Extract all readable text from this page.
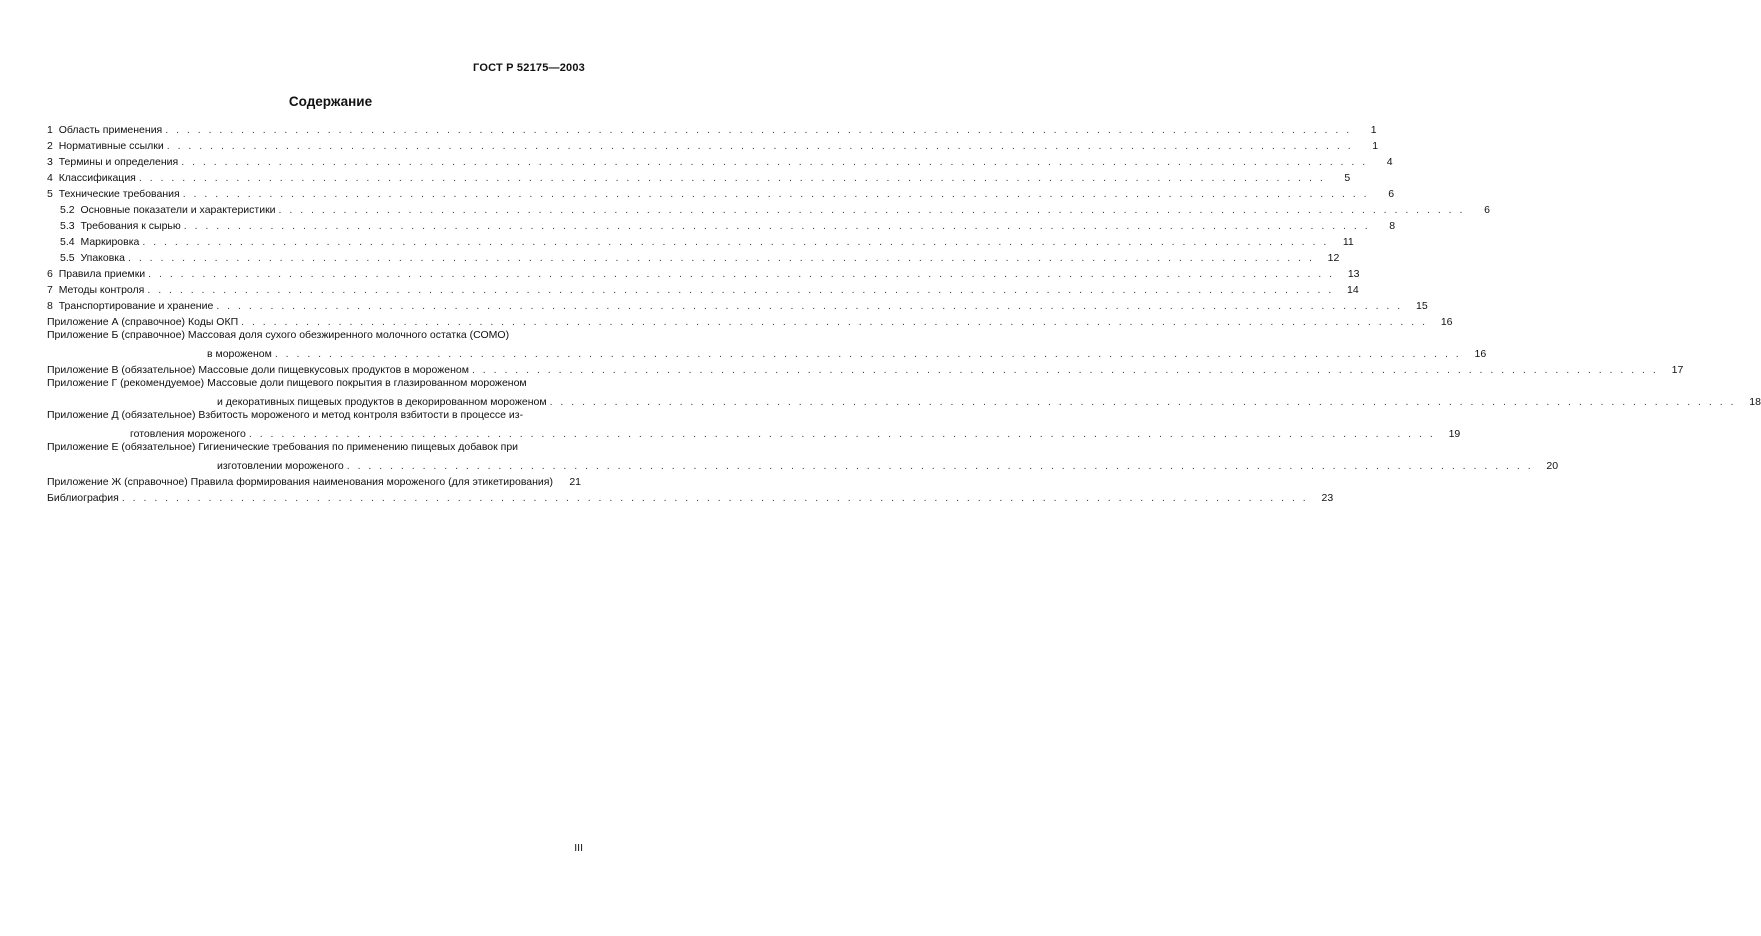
ГОСТ Р 52175—2003
Содержание
1 Область применения . . . . . . . . . . . . . . . . . . . . . . . . . . . . . . . . . . . . . . . . . . . . . . . . . . . . . . . . . . . . . . . . . . . . . . . . . . . . . . . . . . . . . . . . . . . . . . . . . . . . . . . . . . . . . .	1
2 Нормативные ссылки . . . . . . . . . . . . . . . . . . . . . . . . . . . . . . . . . . . . . . . . . . . . . . . . . . . . . . . . . . . . . . . . . . . . . . . . . . . . . . . . . . . . . . . . . . . . . . . . . . . . . . . . . . . . . .	1
3 Термины и определения . . . . . . . . . . . . . . . . . . . . . . . . . . . . . . . . . . . . . . . . . . . . . . . . . . . . . . . . . . . . . . . . . . . . . . . . . . . . . . . . . . . . . . . . . . . . . . . . . . . . . . . . . . . . . .	4
4 Классификация . . . . . . . . . . . . . . . . . . . . . . . . . . . . . . . . . . . . . . . . . . . . . . . . . . . . . . . . . . . . . . . . . . . . . . . . . . . . . . . . . . . . . . . . . . . . . . . . . . . . . . . . . . . . . .	5
5 Технические требования . . . . . . . . . . . . . . . . . . . . . . . . . . . . . . . . . . . . . . . . . . . . . . . . . . . . . . . . . . . . . . . . . . . . . . . . . . . . . . . . . . . . . . . . . . . . . . . . . . . . . . . . . . . . . .	6
5.2 Основные показатели и характеристики . . . . . . . . . . . . . . . . . . . . . . . . . . . . . . . . . . . . . . . . . . . . . . . . . . . . . . . . . . . . . . . . . . . . . . . . . . . . . . . . . . . . . . . . . . . . . . . . . . . . . . . . . . . . . .	6
5.3 Требования к сырью . . . . . . . . . . . . . . . . . . . . . . . . . . . . . . . . . . . . . . . . . . . . . . . . . . . . . . . . . . . . . . . . . . . . . . . . . . . . . . . . . . . . . . . . . . . . . . . . . . . . . . . . . . . . . .	8
5.4 Маркировка . . . . . . . . . . . . . . . . . . . . . . . . . . . . . . . . . . . . . . . . . . . . . . . . . . . . . . . . . . . . . . . . . . . . . . . . . . . . . . . . . . . . . . . . . . . . . . . . . . . . . . . . . . . . . .	11
5.5 Упаковка . . . . . . . . . . . . . . . . . . . . . . . . . . . . . . . . . . . . . . . . . . . . . . . . . . . . . . . . . . . . . . . . . . . . . . . . . . . . . . . . . . . . . . . . . . . . . . . . . . . . . . . . . . . . . .	12
6 Правила приемки . . . . . . . . . . . . . . . . . . . . . . . . . . . . . . . . . . . . . . . . . . . . . . . . . . . . . . . . . . . . . . . . . . . . . . . . . . . . . . . . . . . . . . . . . . . . . . . . . . . . . . . . . . . . . .	13
7 Методы контроля . . . . . . . . . . . . . . . . . . . . . . . . . . . . . . . . . . . . . . . . . . . . . . . . . . . . . . . . . . . . . . . . . . . . . . . . . . . . . . . . . . . . . . . . . . . . . . . . . . . . . . . . . . . . . .	14
8 Транспортирование и хранение . . . . . . . . . . . . . . . . . . . . . . . . . . . . . . . . . . . . . . . . . . . . . . . . . . . . . . . . . . . . . . . . . . . . . . . . . . . . . . . . . . . . . . . . . . . . . . . . . . . . . . . . . . . . . .	15
Приложение А (справочное) Коды ОКП . . . . . . . . . . . . . . . . . . . . . . . . . . . . . . . . . . . . . . . . . . . . . . . . . . . . . . . . . . . . . . . . . . . . . . . . . . . . . . . . . . . . . . . . . . . . . . . . . . . . . . . . . . . . . .	16
Приложение Б (справочное) Массовая доля сухого обезжиренного молочного остатка (СОМО)
в мороженом . . . . . . . . . . . . . . . . . . . . . . . . . . . . . . . . . . . . . . . . . . . . . . . . . . . . . . . . . . . . . . . . . . . . . . . . . . . . . . . . . . . . . . . . . . . . . . . . . . . . . . . . . . . . . .	16
Приложение В (обязательное) Массовые доли пищевкусовых продуктов в мороженом . . . . . . . . . . . . . . . . . . . . . . . . . . . . . . . . . . . . . . . . . . . . . . . . . . . . . . . . . . . . . . . . . . . . . . . . . . . . . . . . . . . . . . . . . . . . . . . . . . . . . . . . . . . . . .	17
Приложение Г (рекомендуемое) Массовые доли пищевого покрытия в глазированном мороженом
и декоративных пищевых продуктов в декорированном мороженом . . . . . . . . . . . . . . . . . . . . . . . . . . . . . . . . . . . . . . . . . . . . . . . . . . . . . . . . . . . . . . . . . . . . . . . . . . . . . . . . . . . . . . . . . . . . . . . . . . . . . . . . . . . . . .	18
Приложение Д (обязательное) Взбитость мороженого и метод контроля взбитости в процессе из-
готовления мороженого . . . . . . . . . . . . . . . . . . . . . . . . . . . . . . . . . . . . . . . . . . . . . . . . . . . . . . . . . . . . . . . . . . . . . . . . . . . . . . . . . . . . . . . . . . . . . . . . . . . . . . . . . . . . . .	19
Приложение Е (обязательное) Гигиенические требования по применению пищевых добавок при
изготовлении мороженого . . . . . . . . . . . . . . . . . . . . . . . . . . . . . . . . . . . . . . . . . . . . . . . . . . . . . . . . . . . . . . . . . . . . . . . . . . . . . . . . . . . . . . . . . . . . . . . . . . . . . . . . . . . . . .	20
Приложение Ж (справочное) Правила формирования наименования мороженого (для этикетирования)	21
Библиография . . . . . . . . . . . . . . . . . . . . . . . . . . . . . . . . . . . . . . . . . . . . . . . . . . . . . . . . . . . . . . . . . . . . . . . . . . . . . . . . . . . . . . . . . . . . . . . . . . . . . . . . . . . . . .	23
III
